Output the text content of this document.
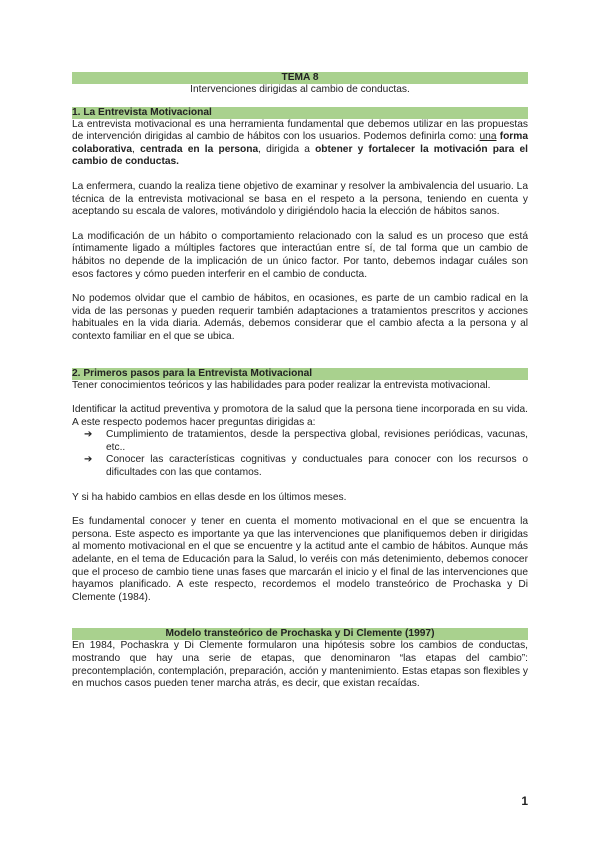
TEMA 8
Intervenciones dirigidas al cambio de conductas.
1. La Entrevista Motivacional

La entrevista motivacional es una herramienta fundamental que debemos utilizar en las propuestas de intervención dirigidas al cambio de hábitos con los usuarios. Podemos definirla como: una forma colaborativa, centrada en la persona, dirigida a obtener y fortalecer la motivación para el cambio de conductas.

La enfermera, cuando la realiza tiene objetivo de examinar y resolver la ambivalencia del usuario. La técnica de la entrevista motivacional se basa en el respeto a la persona, teniendo en cuenta y aceptando su escala de valores, motivándolo y dirigiéndolo hacia la elección de hábitos sanos.

La modificación de un hábito o comportamiento relacionado con la salud es un proceso que está íntimamente ligado a múltiples factores que interactúan entre sí, de tal forma que un cambio de hábitos no depende de la implicación de un único factor. Por tanto, debemos indagar cuáles son esos factores y cómo pueden interferir en el cambio de conducta.

No podemos olvidar que el cambio de hábitos, en ocasiones, es parte de un cambio radical en la vida de las personas y pueden requerir también adaptaciones a tratamientos prescritos y acciones habituales en la vida diaria. Además, debemos considerar que el cambio afecta a la persona y al contexto familiar en el que se ubica.

2. Primeros pasos para la Entrevista Motivacional

Tener conocimientos teóricos y las habilidades para poder realizar la entrevista motivacional.

Identificar la actitud preventiva y promotora de la salud que la persona tiene incorporada en su vida. A este respecto podemos hacer preguntas dirigidas a:

➔ Cumplimiento de tratamientos, desde la perspectiva global, revisiones periódicas, vacunas, etc..
➔ Conocer las características cognitivas y conductuales para conocer con los recursos o dificultades con las que contamos.

Y si ha habido cambios en ellas desde en los últimos meses.

Es fundamental conocer y tener en cuenta el momento motivacional en el que se encuentra la persona. Este aspecto es importante ya que las intervenciones que planifiquemos deben ir dirigidas al momento motivacional en el que se encuentre y la actitud ante el cambio de hábitos. Aunque más adelante, en el tema de Educación para la Salud, lo veréis con más detenimiento, debemos conocer que el proceso de cambio tiene unas fases que marcarán el inicio y el final de las intervenciones que hayamos planificado. A este respecto, recordemos el modelo transteórico de Prochaska y Di Clemente (1984).

Modelo transteórico de Prochaska y Di Clemente (1997)

En 1984, Pochaskra y Di Clemente formularon una hipótesis sobre los cambios de conductas, mostrando que hay una serie de etapas, que denominaron “las etapas del cambio”: precontemplación, contemplación, preparación, acción y mantenimiento. Estas etapas son flexibles y en muchos casos pueden tener marcha atrás, es decir, que existan recaídas.

1
